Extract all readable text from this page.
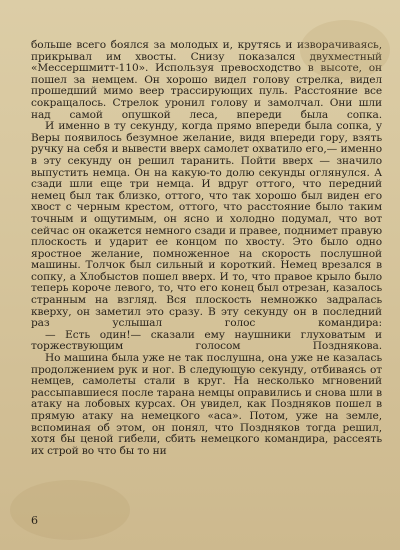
больше всего боялся за молодых и, крутясь и изворачиваясь, прикрывал им хвосты. Снизу показался двухместный «Мессершмитт-110». Используя превосходство в высоте, он пошел за немцем. Он хорошо видел голову стрелка, видел прошедший мимо веер трассирующих пуль. Расстояние все сокращалось. Стрелок уронил голову и замолчал. Они шли над самой опушкой леса, впереди была сопка.

И именно в ту секунду, когда прямо впереди была сопка, у Веры появилось безумное желание, видя впереди гору, взять ручку на себя и вывести вверх самолет охватило его,— именно в эту секунду он решил таранить. Пойти вверх — значило выпустить немца. Он на какую-то долю секунды оглянулся. А сзади шли еще три немца. И вдруг оттого, что передний немец был так близко, оттого, что так хорошо был виден его хвост с черным крестом, оттого, что расстояние было таким точным и ощутимым, он ясно и холодно подумал, что вот сейчас он окажется немного сзади и правее, поднимет правую плоскость и ударит ее концом по хвосту. Это было одно яростное желание, помноженное на скорость послушной машины. Толчок был сильный и короткий. Немец врезался в сопку, а Хлобыстов пошел вверх. И то, что правое крыло было теперь короче левого, то, что его конец был отрезан, казалось странным на взгляд. Вся плоскость немножко задралась кверху, он заметил это сразу. В эту секунду он в последний раз услышал голос командира:

— Есть один!— сказали ему наушники глуховатым и торжествующим голосом Позднякова.

Но машина была уже не так послушна, она уже не казалась продолжением рук и ног. В следующую секунду, отбиваясь от немцев, самолеты стали в круг. На несколько мгновений рассыпавшиеся после тарана немцы оправились и снова шли в атаку на лобовых курсах. Он увидел, как Поздняков пошел в прямую атаку на немецкого «аса». Потом, уже на земле, вспоминая об этом, он понял, что Поздняков тогда решил, хотя бы ценой гибели, сбить немецкого командира, рассеять их строй во что бы то ни

6
